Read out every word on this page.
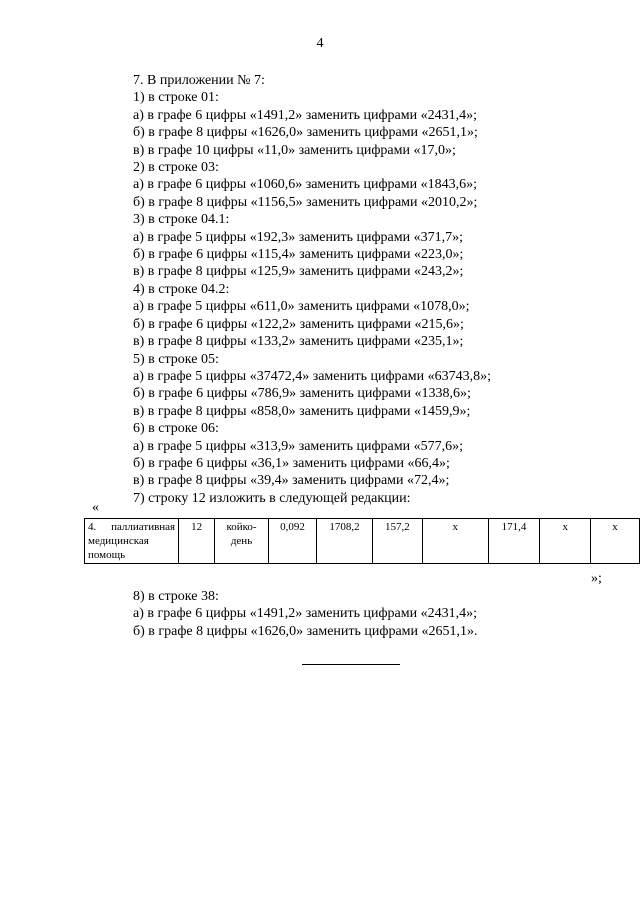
4
7. В приложении № 7:
1) в строке 01:
а) в графе 6 цифры «1491,2» заменить цифрами «2431,4»;
б) в графе 8 цифры «1626,0» заменить цифрами «2651,1»;
в) в графе 10 цифры «11,0» заменить цифрами «17,0»;
2) в строке 03:
а) в графе 6 цифры «1060,6» заменить цифрами «1843,6»;
б) в графе 8 цифры «1156,5» заменить цифрами «2010,2»;
3) в строке 04.1:
а) в графе 5 цифры «192,3» заменить цифрами «371,7»;
б) в графе 6 цифры «115,4» заменить цифрами «223,0»;
в) в графе 8 цифры «125,9» заменить цифрами «243,2»;
4) в строке 04.2:
а) в графе 5 цифры «611,0» заменить цифрами «1078,0»;
б) в графе 6 цифры «122,2» заменить цифрами «215,6»;
в) в графе 8 цифры «133,2» заменить цифрами «235,1»;
5) в строке 05:
а) в графе 5 цифры «37472,4» заменить цифрами «63743,8»;
б) в графе 6 цифры «786,9» заменить цифрами «1338,6»;
в) в графе 8 цифры «858,0» заменить цифрами «1459,9»;
6) в строке 06:
а) в графе 5 цифры «313,9» заменить цифрами «577,6»;
б) в графе 6 цифры «36,1» заменить цифрами «66,4»;
в) в графе 8 цифры «39,4» заменить цифрами «72,4»;
7) строку 12 изложить в следующей редакции:
«
4. паллиативная
медицинская помощь
	12	койко-день	0,092	1708,2	157,2	х	171,4	х	х
»;
8) в строке 38:
а) в графе 6 цифры «1491,2» заменить цифрами «2431,4»;
б) в графе 8 цифры «1626,0» заменить цифрами «2651,1».
